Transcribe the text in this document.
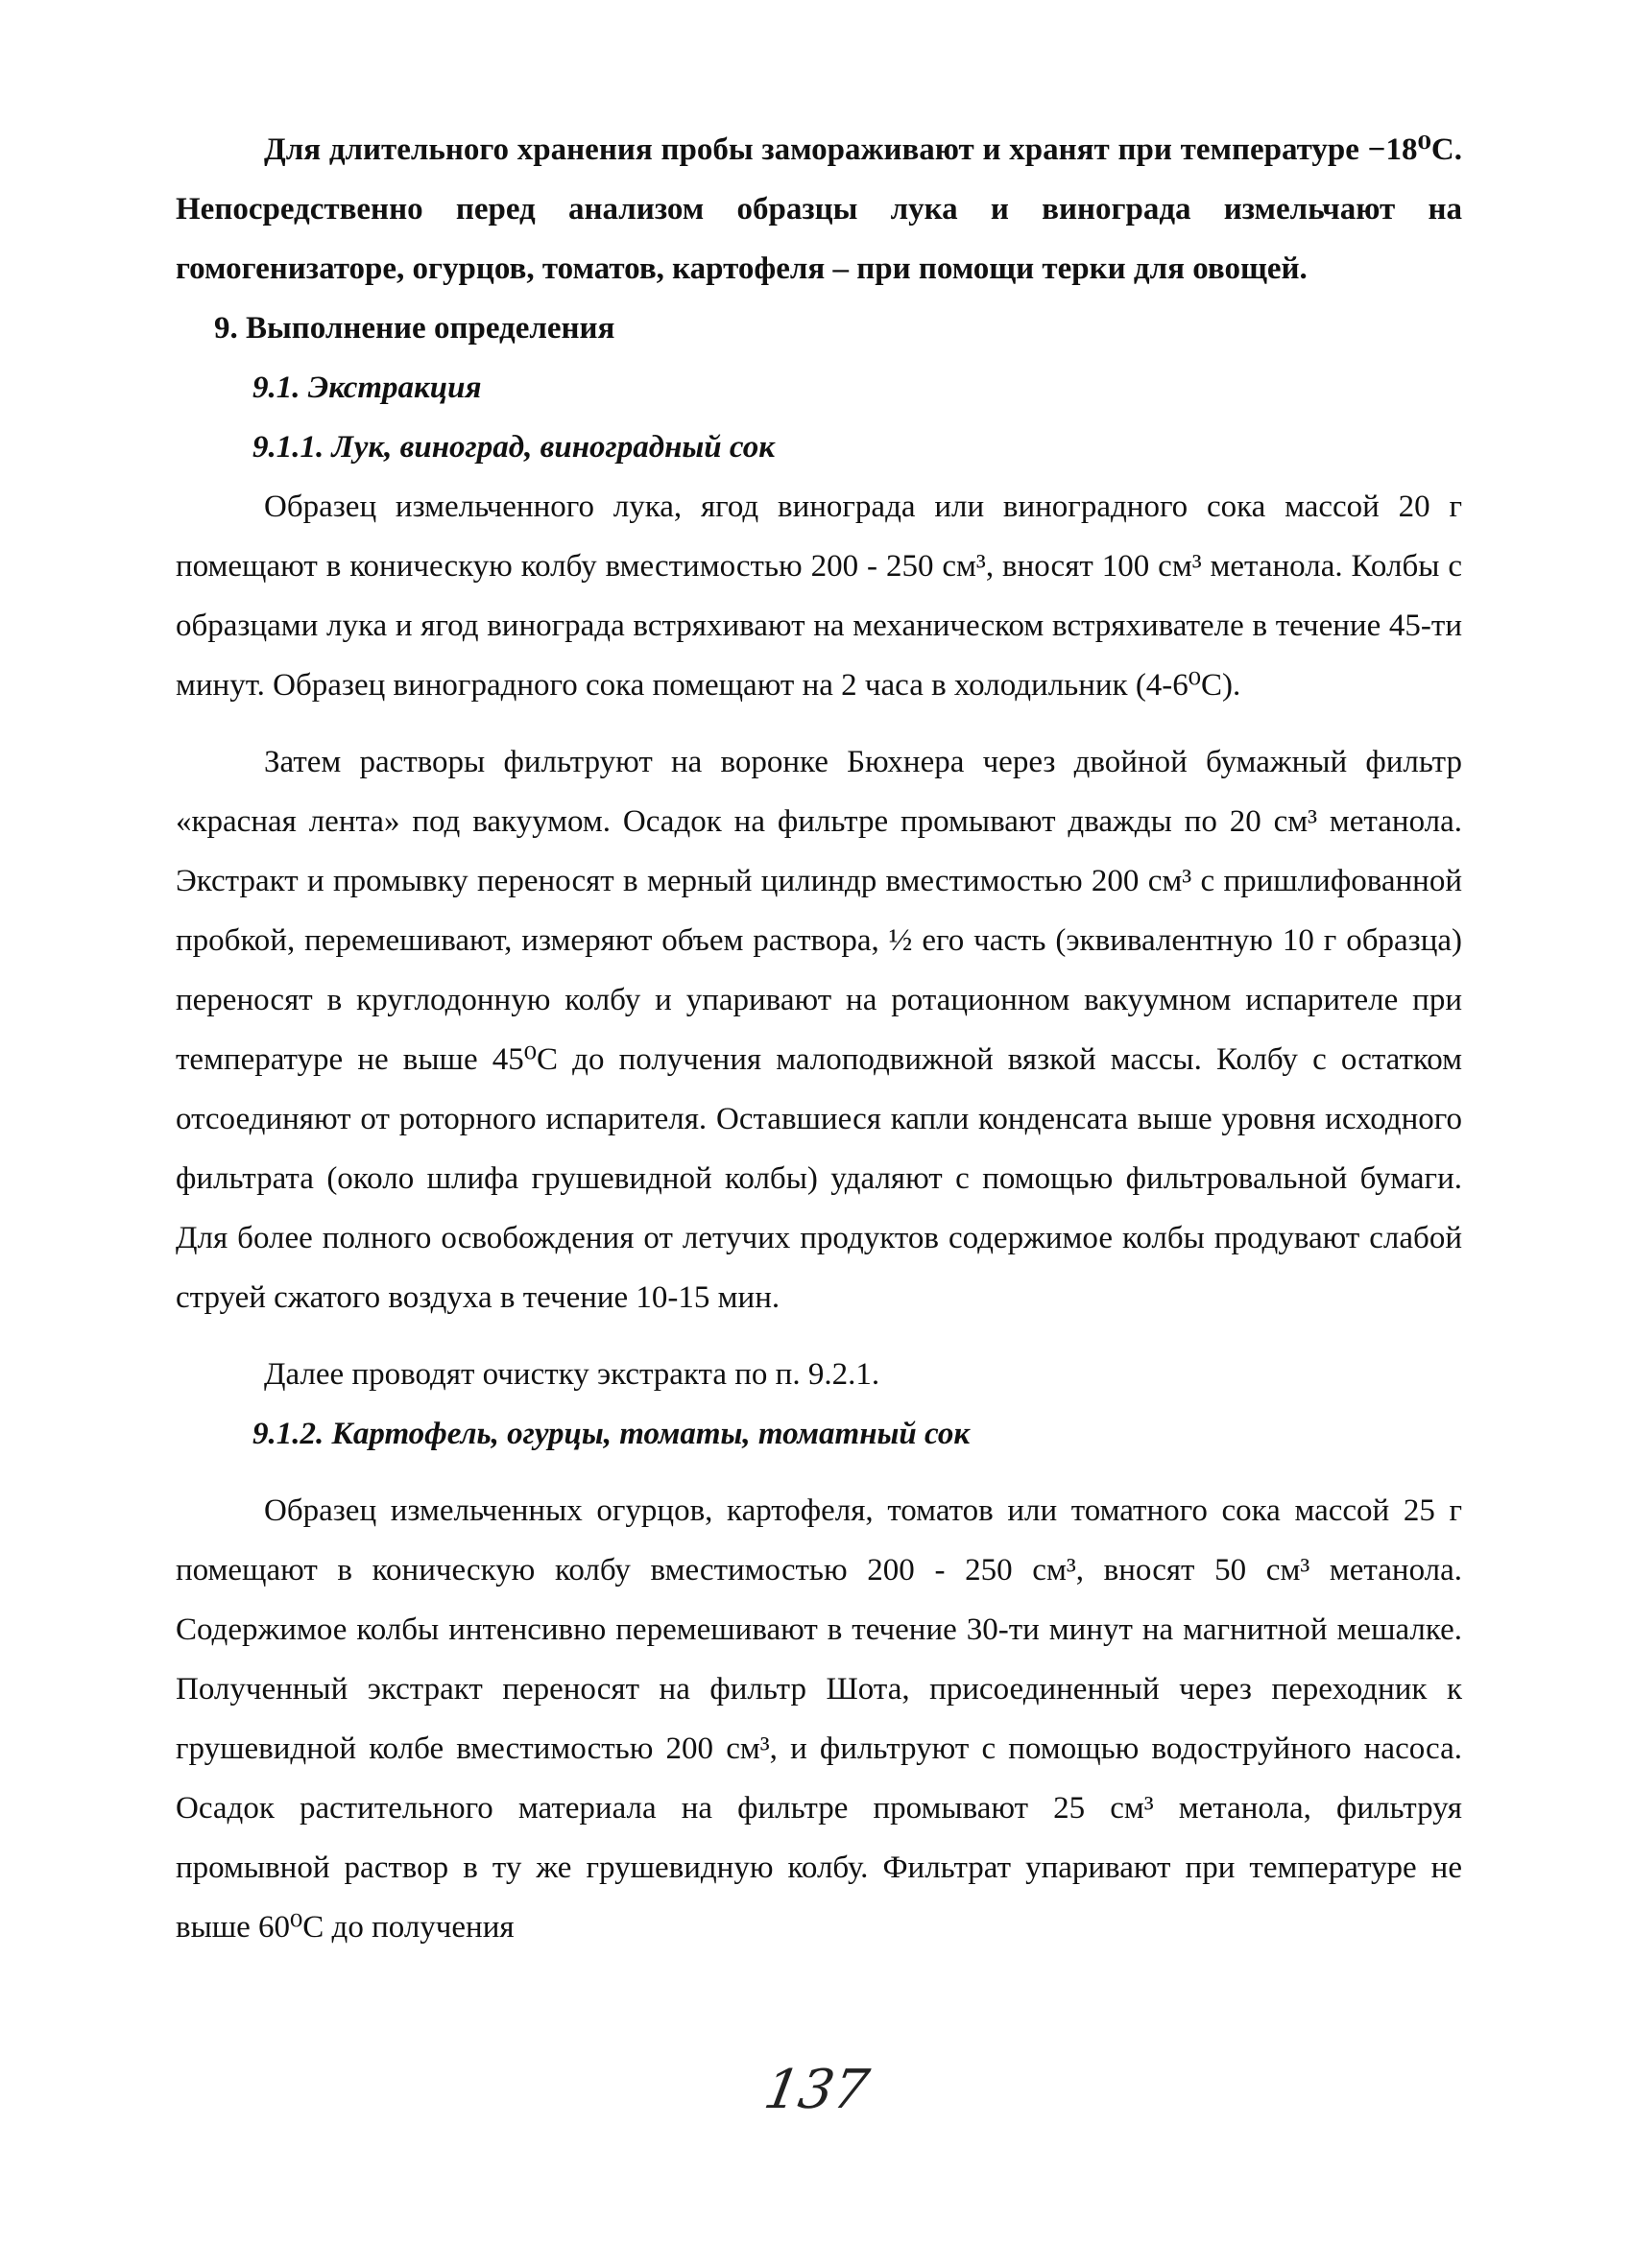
Для длительного хранения пробы замораживают и хранят при температуре −18⁰С. Непосредственно перед анализом образцы лука и винограда измельчают на гомогенизаторе, огурцов, томатов, картофеля – при помощи терки для овощей.

9. Выполнение определения

9.1. Экстракция

9.1.1. Лук, виноград, виноградный сок

Образец измельченного лука, ягод винограда или виноградного сока массой 20 г помещают в коническую колбу вместимостью 200 - 250 см³, вносят 100 см³ метанола. Колбы с образцами лука и ягод винограда встряхивают на механическом встряхивателе в течение 45-ти минут. Образец виноградного сока помещают на 2 часа в холодильник (4-6⁰С).

Затем растворы фильтруют на воронке Бюхнера через двойной бумажный фильтр «красная лента» под вакуумом. Осадок на фильтре промывают дважды по 20 см³ метанола. Экстракт и промывку переносят в мерный цилиндр вместимостью 200 см³ с пришлифованной пробкой, перемешивают, измеряют объем раствора, ½ его часть (эквивалентную 10 г образца) переносят в круглодонную колбу и упаривают на ротационном вакуумном испарителе при температуре не выше 45⁰С до получения малоподвижной вязкой массы. Колбу с остатком отсоединяют от роторного испарителя. Оставшиеся капли конденсата выше уровня исходного фильтрата (около шлифа грушевидной колбы) удаляют с помощью фильтровальной бумаги. Для более полного освобождения от летучих продуктов содержимое колбы продувают слабой струей сжатого воздуха в течение 10-15 мин.

Далее проводят очистку экстракта по п. 9.2.1.

9.1.2. Картофель, огурцы, томаты, томатный сок

Образец измельченных огурцов, картофеля, томатов или томатного сока массой 25 г помещают в коническую колбу вместимостью 200 - 250 см³, вносят 50 см³ метанола. Содержимое колбы интенсивно перемешивают в течение 30-ти минут на магнитной мешалке. Полученный экстракт переносят на фильтр Шота, присоединенный через переходник к грушевидной колбе вместимостью 200 см³, и фильтруют с помощью водоструйного насоса. Осадок растительного материала на фильтре промывают 25 см³ метанола, фильтруя промывной раствор в ту же грушевидную колбу. Фильтрат упаривают при температуре не выше 60⁰С до получения

137
